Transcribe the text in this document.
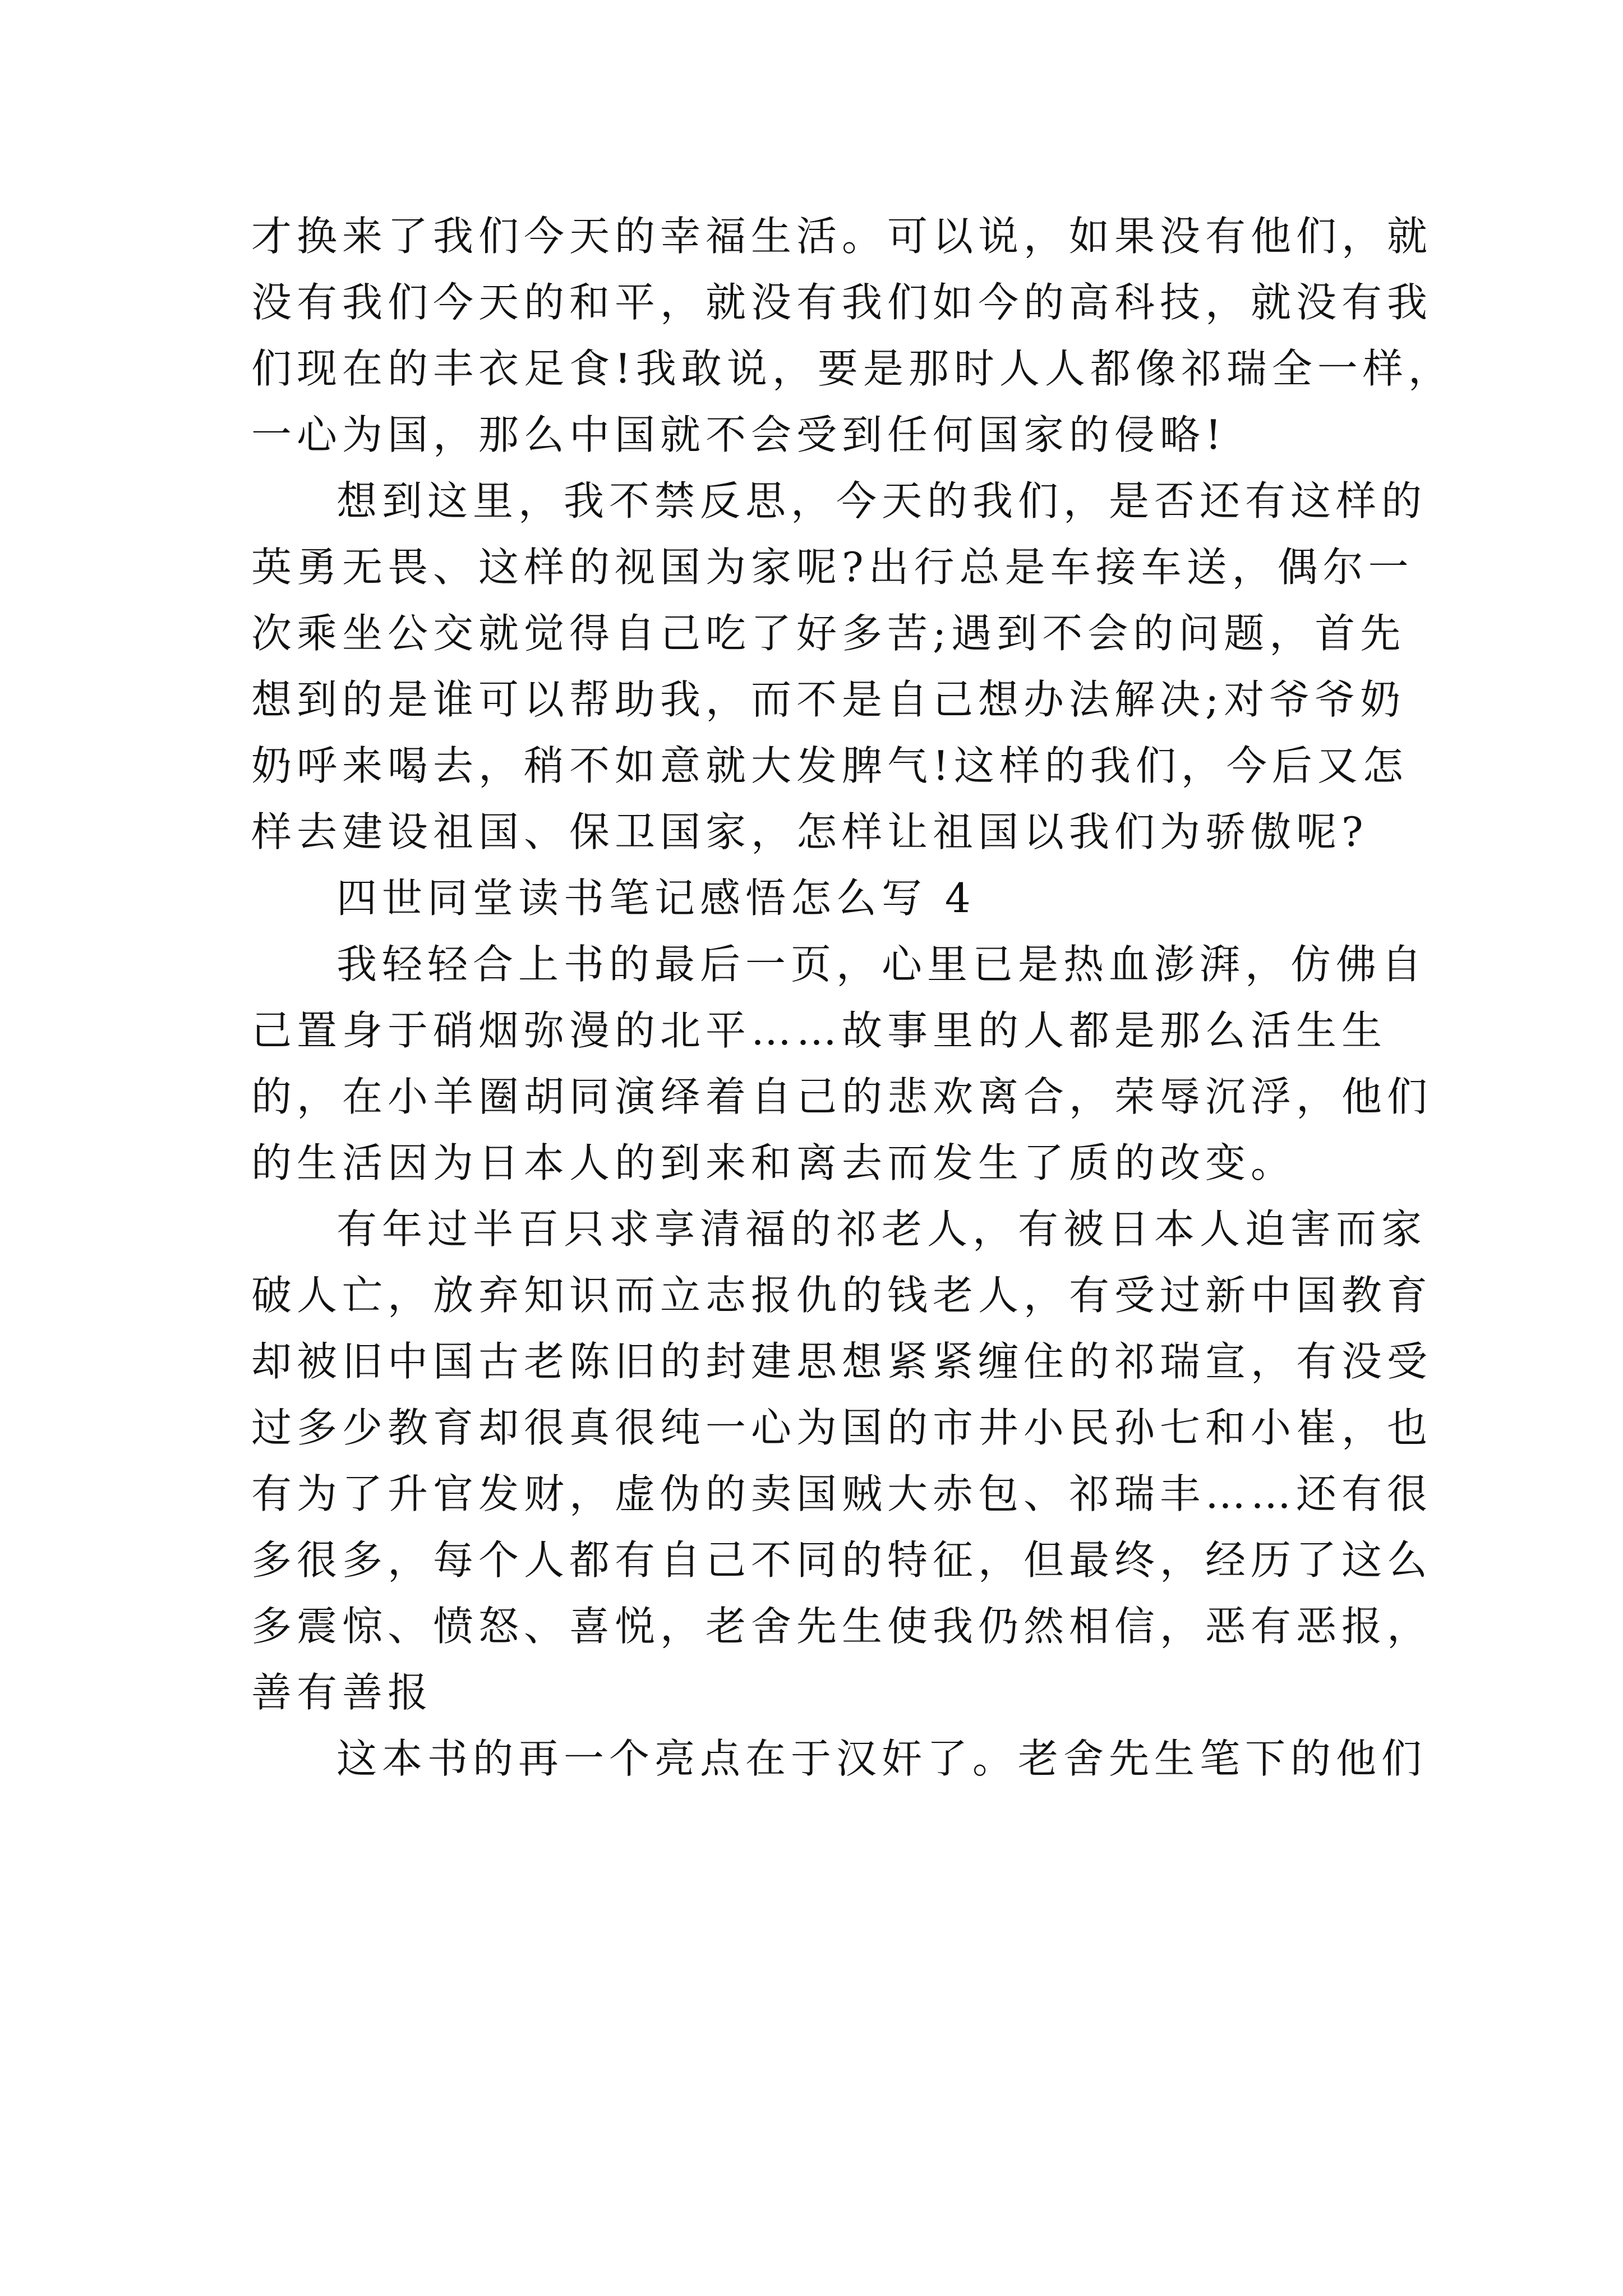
才换来了我们今天的幸福生活。可以说，如果没有他们，就
没有我们今天的和平，就没有我们如今的高科技，就没有我
们现在的丰衣足食!我敢说，要是那时人人都像祁瑞全一样，
一心为国，那么中国就不会受到任何国家的侵略!
想到这里，我不禁反思，今天的我们，是否还有这样的
英勇无畏、这样的视国为家呢?出行总是车接车送，偶尔一
次乘坐公交就觉得自己吃了好多苦;遇到不会的问题，首先
想到的是谁可以帮助我，而不是自己想办法解决;对爷爷奶
奶呼来喝去，稍不如意就大发脾气!这样的我们，今后又怎
样去建设祖国、保卫国家，怎样让祖国以我们为骄傲呢?
四世同堂读书笔记感悟怎么写 4
我轻轻合上书的最后一页，心里已是热血澎湃，仿佛自
己置身于硝烟弥漫的北平……故事里的人都是那么活生生
的，在小羊圈胡同演绎着自己的悲欢离合，荣辱沉浮，他们
的生活因为日本人的到来和离去而发生了质的改变。
有年过半百只求享清福的祁老人，有被日本人迫害而家
破人亡，放弃知识而立志报仇的钱老人，有受过新中国教育
却被旧中国古老陈旧的封建思想紧紧缠住的祁瑞宣，有没受
过多少教育却很真很纯一心为国的市井小民孙七和小崔，也
有为了升官发财，虚伪的卖国贼大赤包、祁瑞丰……还有很
多很多，每个人都有自己不同的特征，但最终，经历了这么
多震惊、愤怒、喜悦，老舍先生使我仍然相信，恶有恶报，
善有善报
这本书的再一个亮点在于汉奸了。老舍先生笔下的他们
